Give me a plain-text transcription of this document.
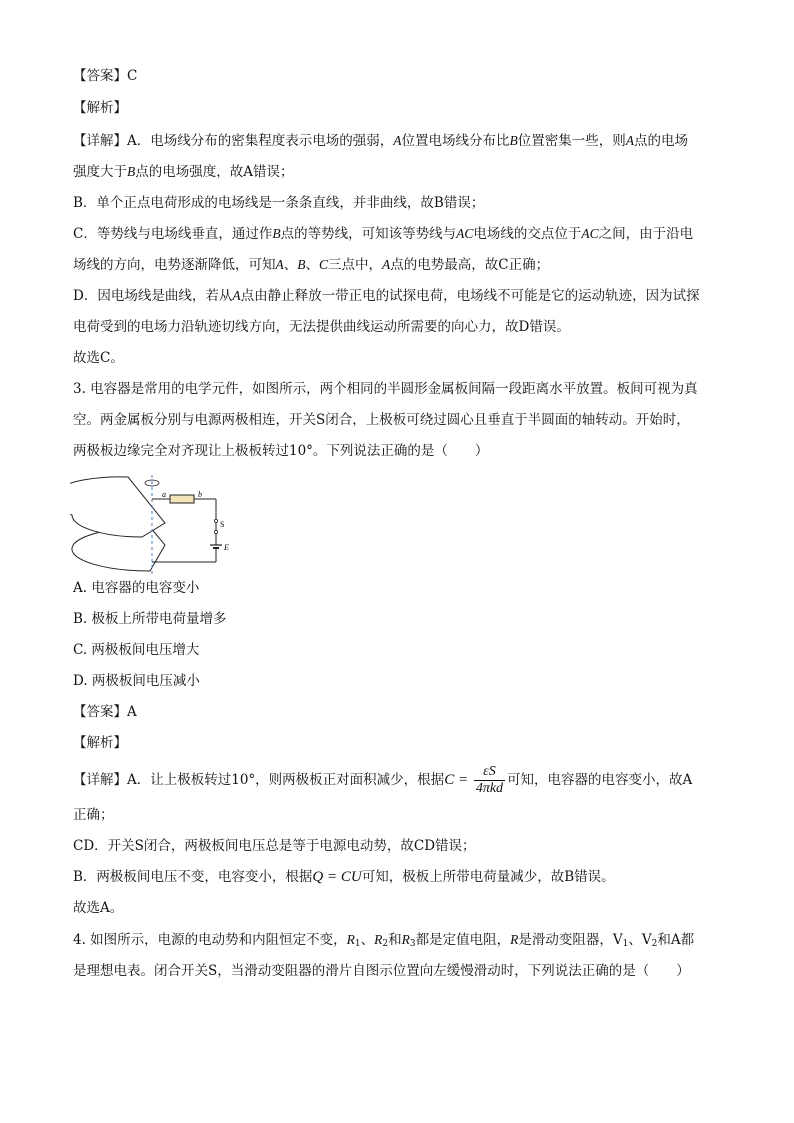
【答案】C
【解析】
【详解】A．电场线分布的密集程度表示电场的强弱，A位置电场线分布比B位置密集一些，则A点的电场
强度大于B点的电场强度，故A错误；
B．单个正点电荷形成的电场线是一条条直线，并非曲线，故B错误；
C．等势线与电场线垂直，通过作B点的等势线，可知该等势线与AC电场线的交点位于AC之间，由于沿电
场线的方向，电势逐渐降低，可知A、B、C三点中，A点的电势最高，故C正确；
D．因电场线是曲线，若从A点由静止释放一带正电的试探电荷，电场线不可能是它的运动轨迹，因为试探
电荷受到的电场力沿轨迹切线方向，无法提供曲线运动所需要的向心力，故D错误。
故选C。
3. 电容器是常用的电学元件，如图所示，两个相同的半圆形金属板间隔一段距离水平放置。板间可视为真
空。两金属板分别与电源两极相连，开关S闭合，上极板可绕过圆心且垂直于半圆面的轴转动。开始时，
两极板边缘完全对齐现让上极板转过10°。下列说法正确的是（　　）
a	b
S
E
A. 电容器的电容变小
B. 极板上所带电荷量增多
C. 两极板间电压增大
D. 两极板间电压减小
【答案】A
【解析】
【详解】A．让上极板转过10°，则两极板正对面积减少，根据$C = \frac{\varepsilon S}{\text{4πkd}}$ 可知，电容器的电容变小，故A
正确；
CD．开关S闭合，两极板间电压总是等于电源电动势，故CD错误；
B．两极板间电压不变，电容变小，根据Q = CU可知，极板上所带电荷量减少，故B错误。
故选A。
4. 如图所示，电源的电动势和内阻恒定不变，$R_1$、$R_2$和$R_3$都是定值电阻，R是滑动变阻器，$V_1$、$V_2$和A都
是理想电表。闭合开关S，当滑动变阻器的滑片自图示位置向左缓慢滑动时，下列说法正确的是（　　）
